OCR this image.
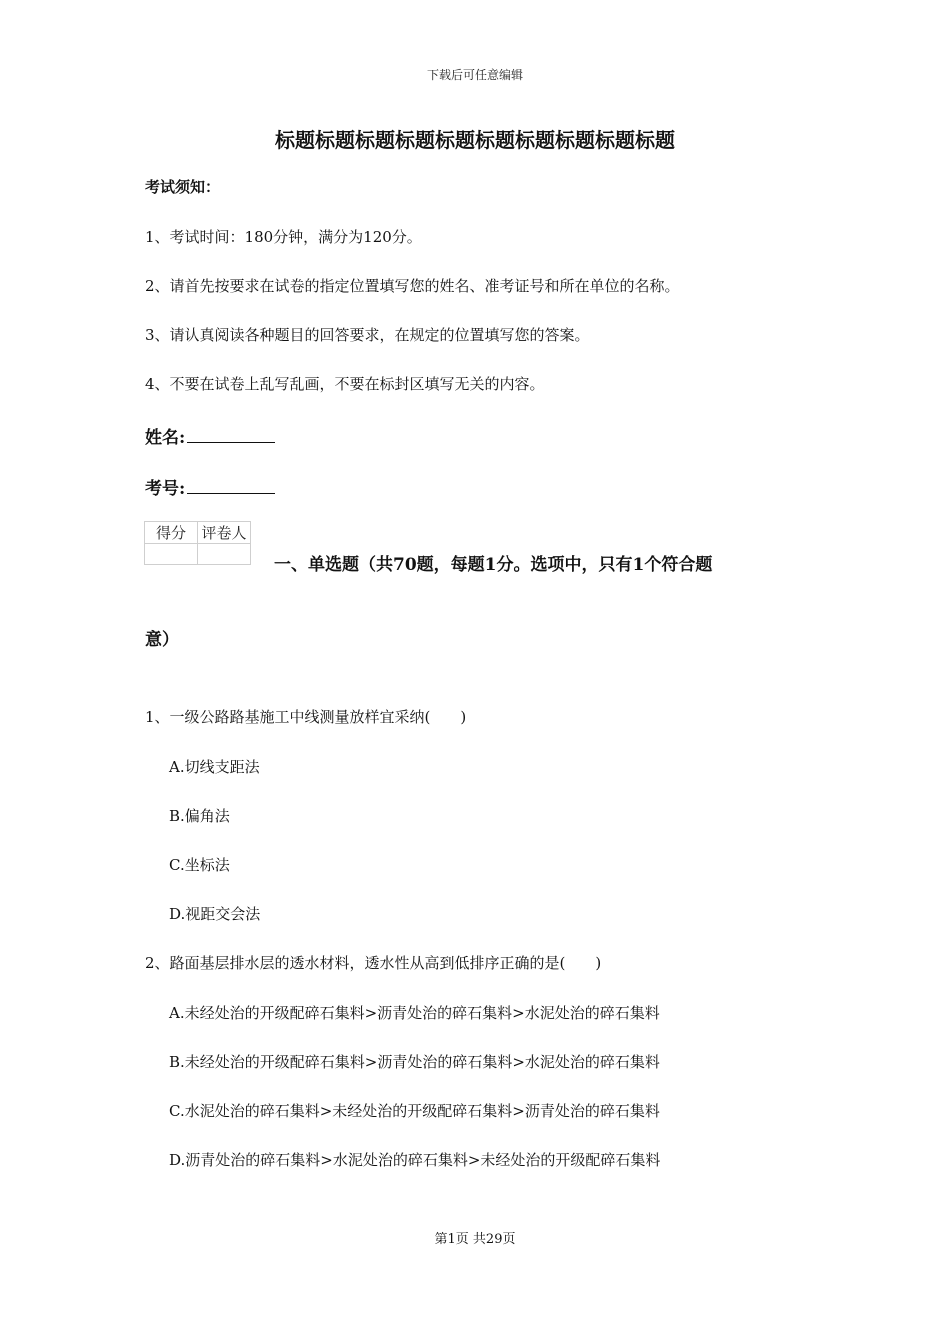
下载后可任意编辑
标题标题标题标题标题标题标题标题标题标题
考试须知：
1、考试时间：180分钟，满分为120分。
2、请首先按要求在试卷的指定位置填写您的姓名、准考证号和所在单位的名称。
3、请认真阅读各种题目的回答要求，在规定的位置填写您的答案。
4、不要在试卷上乱写乱画，不要在标封区填写无关的内容。
姓名:
考号:
得分	评卷人

一、单选题（共70题，每题1分。选项中，只有1个符合题
意）
1、一级公路路基施工中线测量放样宜采纳(　　)
A.切线支距法
B.偏角法
C.坐标法
D.视距交会法
2、路面基层排水层的透水材料，透水性从高到低排序正确的是(　　)
A.未经处治的开级配碎石集料>沥青处治的碎石集料>水泥处治的碎石集料
B.未经处治的开级配碎石集料>沥青处治的碎石集料>水泥处治的碎石集料
C.水泥处治的碎石集料>未经处治的开级配碎石集料>沥青处治的碎石集料
D.沥青处治的碎石集料>水泥处治的碎石集料>未经处治的开级配碎石集料
第1页 共29页
